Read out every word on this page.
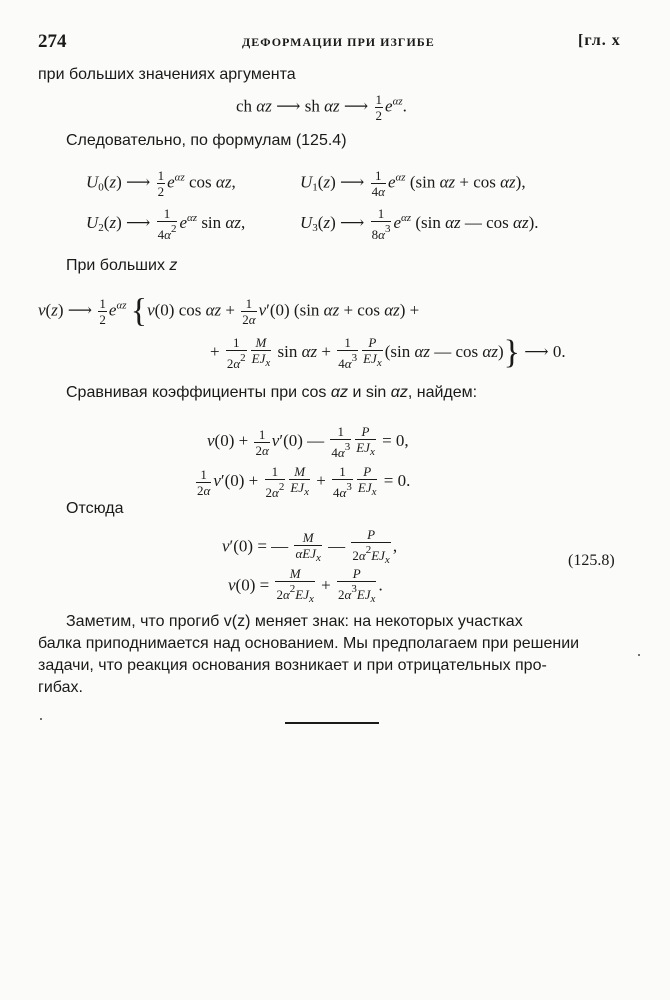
274	ДЕФОРМАЦИИ ПРИ ИЗГИБЕ	[гл. x
при больших значениях аргумента
ch αz ⟶ sh αz ⟶ $\frac{1}{2} e^{\alpha z}$.
Следовательно, по формулам (125.4)
$U_0(z)$ ⟶ $\frac{1}{2} e^{\alpha z}$ cos αz,	$U_1(z)$ ⟶ $\frac{1}{4\alpha} e^{\alpha z}$ (sin αz + cos αz),
$U_2(z)$ ⟶ $\frac{1}{4\alpha^2} e^{\alpha z}$ sin αz,	$U_3(z)$ ⟶ $\frac{1}{8\alpha^3} e^{\alpha z}$ (sin αz — cos αz).
При больших z
v(z) ⟶ $\frac{1}{2} e^{\alpha z}$ {v(0) $\cos \alpha z + \frac{1}{2\alpha} v'(0)$ (sin αz + cos αz) +
+ $\frac{1}{2\alpha^2} \frac{M}{EJ_x}$ $\sin \alpha z + \frac{1}{4\alpha^3} \frac{P}{EJ_x} (\sin$ αz — cos αz)} ⟶ 0.
Сравнивая коэффициенты при cos αz и sin αz, найдем:
$v(0) + \frac{1}{2\alpha} v'(0)$ — $\frac{1}{4\alpha^3} \frac{P}{EJ_x} = 0$,
$\frac{1}{2\alpha} v'(0) + \frac{1}{2\alpha^2} \frac{M}{EJ_x} + \frac{1}{4\alpha^3} \frac{P}{EJ_x} = 0$.
Отсюда
v′(0) = — $\frac{M}{\alpha EJ_x}$ — $\frac{P}{2\alpha^2EJ_x}$ ,
$v(0) = \frac{M}{2\alpha^2EJ_x} + \frac{P}{2\alpha^3EJ_x}$ .
(125.8)
Заметим, что прогиб v(z) меняет знак: на некоторых участках
балка приподнимается над основанием. Мы предполагаем при решении
задачи, что реакция основания возникает и при отрицательных про-
гибах.
